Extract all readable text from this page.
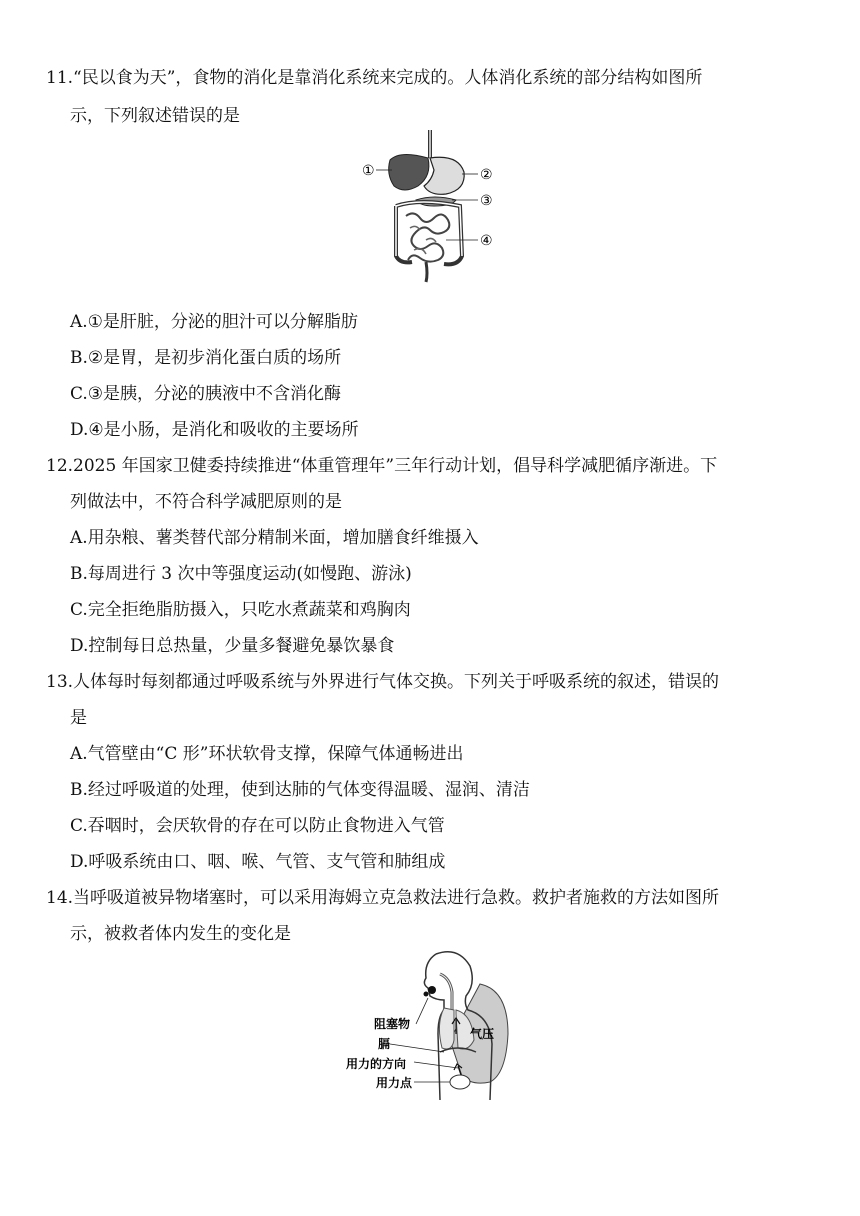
11.“民以食为天”，食物的消化是靠消化系统来完成的。人体消化系统的部分结构如图所
示，下列叙述错误的是
①	②
③
④
A.①是肝脏，分泌的胆汁可以分解脂肪
B.②是胃，是初步消化蛋白质的场所
C.③是胰，分泌的胰液中不含消化酶
D.④是小肠，是消化和吸收的主要场所
12.2025 年国家卫健委持续推进“体重管理年”三年行动计划，倡导科学减肥循序渐进。下
列做法中，不符合科学减肥原则的是
A.用杂粮、薯类替代部分精制米面，增加膳食纤维摄入
B.每周进行 3 次中等强度运动(如慢跑、游泳)
C.完全拒绝脂肪摄入，只吃水煮蔬菜和鸡胸肉
D.控制每日总热量，少量多餐避免暴饮暴食
13.人体每时每刻都通过呼吸系统与外界进行气体交换。下列关于呼吸系统的叙述，错误的
是
A.气管壁由“C 形”环状软骨支撑，保障气体通畅进出
B.经过呼吸道的处理，使到达肺的气体变得温暖、湿润、清洁
C.吞咽时，会厌软骨的存在可以防止食物进入气管
D.呼吸系统由口、咽、喉、气管、支气管和肺组成
14.当呼吸道被异物堵塞时，可以采用海姆立克急救法进行急救。救护者施救的方法如图所
示，被救者体内发生的变化是
阻塞物
膈
用力的方向
用力点
气压
